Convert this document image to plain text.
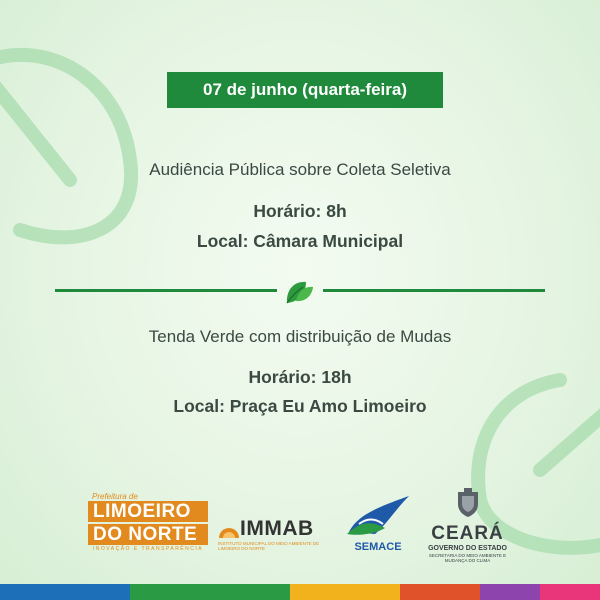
07 de junho (quarta-feira)
Audiência Pública sobre Coleta Seletiva
Horário: 8h
Local: Câmara Municipal
Tenda Verde com distribuição de Mudas
Horário: 18h
Local: Praça Eu Amo Limoeiro
Prefeitura de
LIMOEIRO
DO NORTE
INOVAÇÃO E TRANSPARÊNCIA
IMMAB
INSTITUTO MUNICIPAL DO MEIO AMBIENTE DE LIMOEIRO DO NORTE	SEMACE
CEARÁ
GOVERNO DO ESTADO
SECRETARIA DO MEIO AMBIENTE E MUDANÇA DO CLIMA
